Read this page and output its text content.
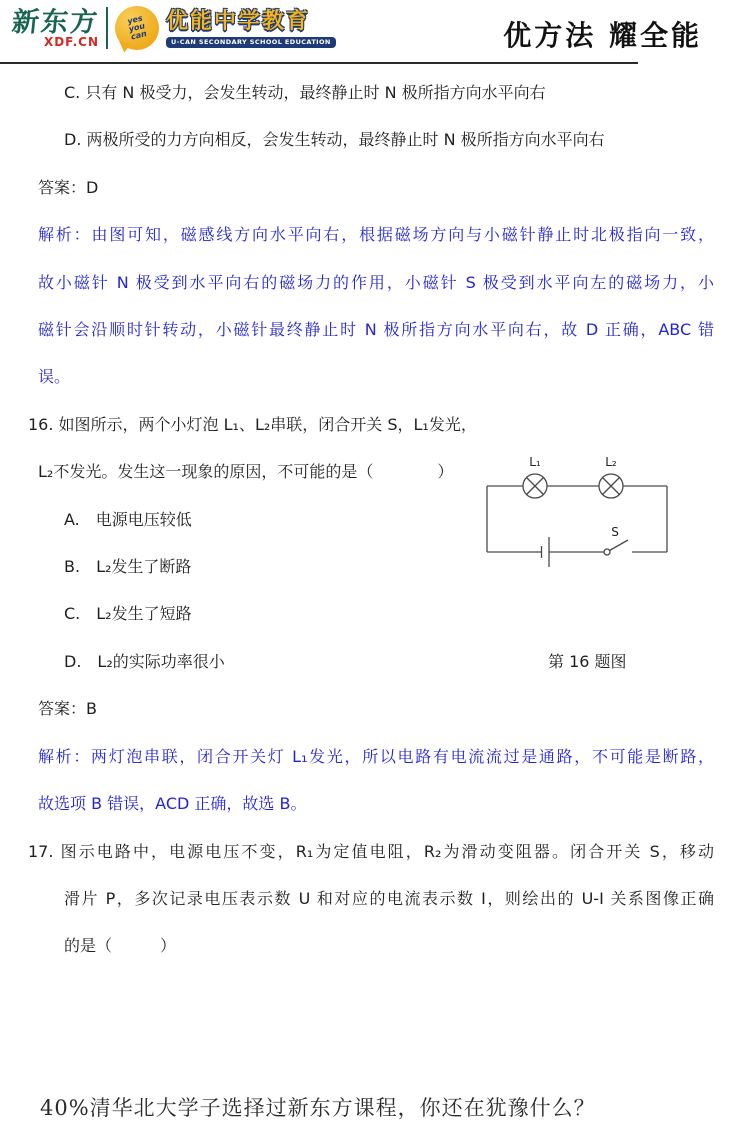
新东方
XDF.CN
yes you can
优能中学教育
U-CAN SECONDARY SCHOOL EDUCATION	优方法 耀全能
C. 只有 N 极受力，会发生转动，最终静止时 N 极所指方向水平向右
D. 两极所受的力方向相反，会发生转动，最终静止时 N 极所指方向水平向右
答案：D
解析：由图可知，磁感线方向水平向右，根据磁场方向与小磁针静止时北极指向一致，
故小磁针 N 极受到水平向右的磁场力的作用，小磁针 S 极受到水平向左的磁场力，小
磁针会沿顺时针转动，小磁针最终静止时 N 极所指方向水平向右，故 D 正确，ABC 错
误。
16. 如图所示，两个小灯泡 L₁、L₂串联，闭合开关 S，L₁发光，
L₂不发光。发生这一现象的原因，不可能的是（　　　　）
A.　电源电压较低
B.　L₂发生了断路
C.　L₂发生了短路
D.　L₂的实际功率很小
答案：B
解析：两灯泡串联，闭合开关灯 L₁发光，所以电路有电流流过是通路，不可能是断路，
故选项 B 错误，ACD 正确，故选 B。
17. 图示电路中，电源电压不变，R₁为定值电阻，R₂为滑动变阻器。闭合开关 S，移动
滑片 P，多次记录电压表示数 U 和对应的电流表示数 I，则绘出的 U-I 关系图像正确
的是（　　　）
L₁	L₂
S
第 16 题图
40%清华北大学子选择过新东方课程，你还在犹豫什么？
